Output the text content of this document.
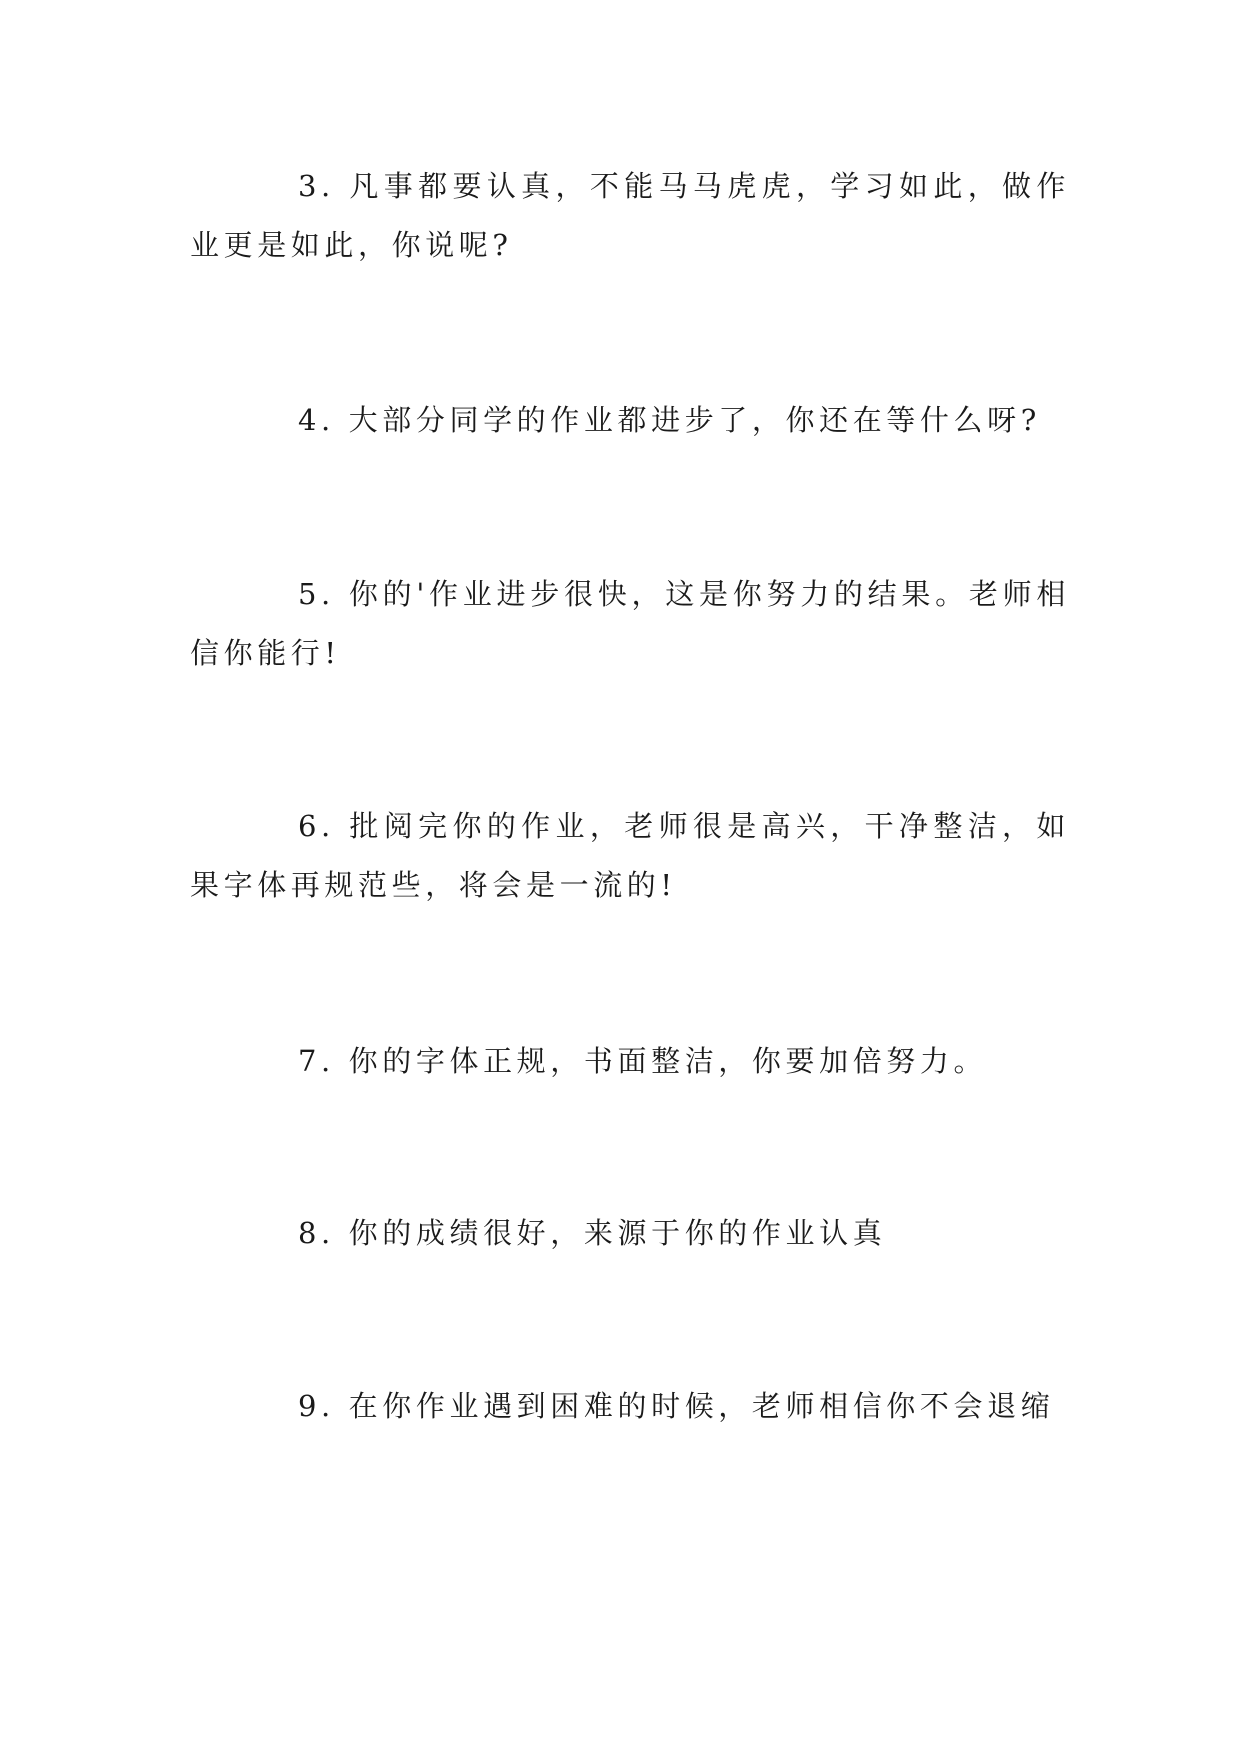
3. 凡事都要认真，不能马马虎虎，学习如此，做作业更是如此，你说呢?

4. 大部分同学的作业都进步了，你还在等什么呀?

5. 你的'作业进步很快，这是你努力的结果。老师相信你能行!

6. 批阅完你的作业，老师很是高兴，干净整洁，如果字体再规范些，将会是一流的!

7. 你的字体正规，书面整洁，你要加倍努力。

8. 你的成绩很好，来源于你的作业认真

9. 在你作业遇到困难的时候，老师相信你不会退缩
